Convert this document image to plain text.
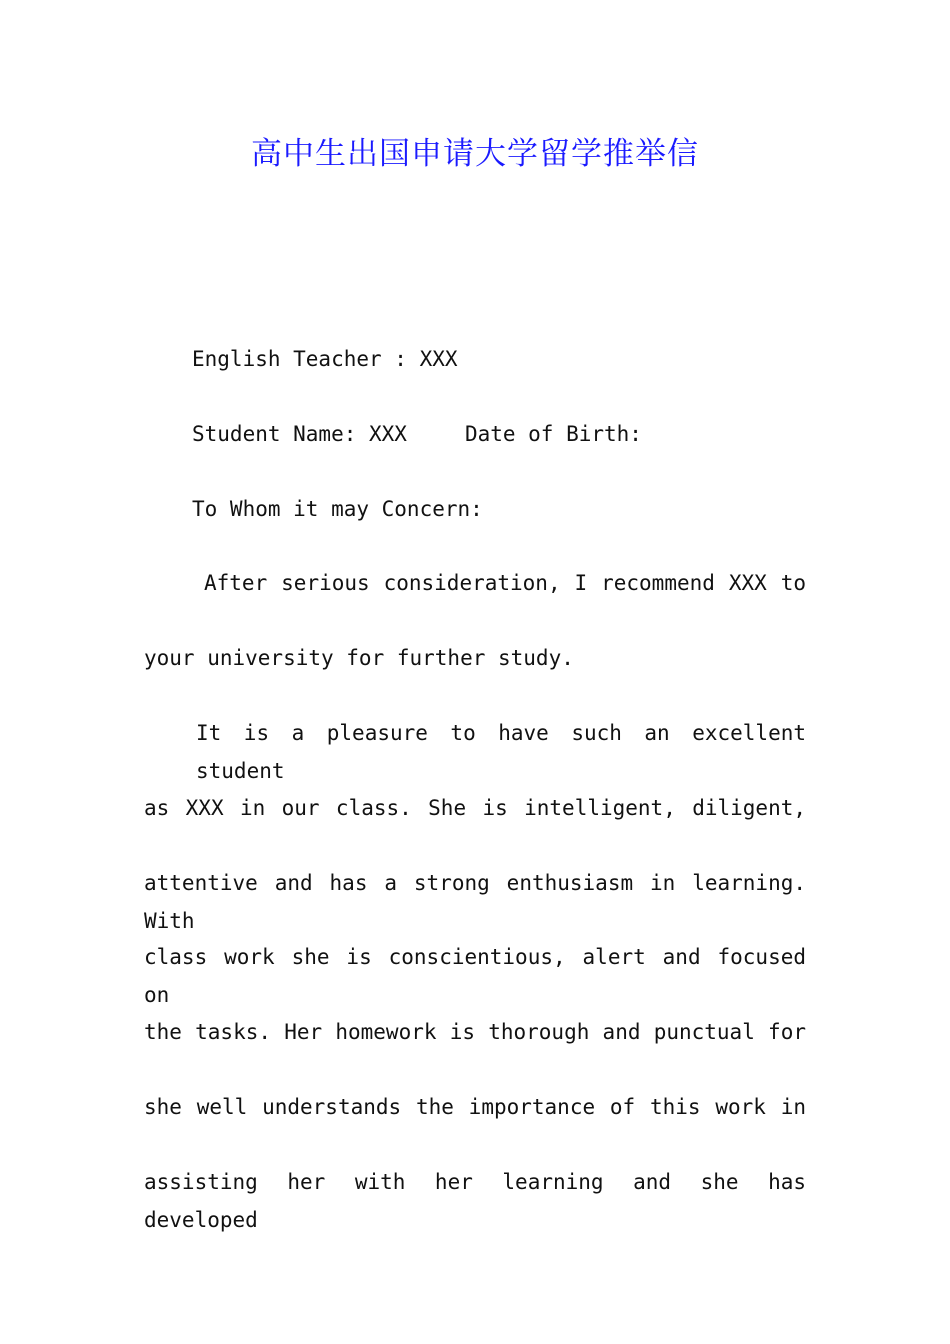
高中生出国申请大学留学推举信

English Teacher : XXX

Student Name: XXX	Date of Birth:

To Whom it may Concern:

After serious consideration, I recommend XXX to

your university for further study.

It is a pleasure to have such an excellent student

as XXX in our class. She is intelligent, diligent,

attentive and has a strong enthusiasm in learning. With

class work she is conscientious, alert and focused on

the tasks. Her homework is thorough and punctual for

she well understands the importance of this work in

assisting her with her learning and she has developed
